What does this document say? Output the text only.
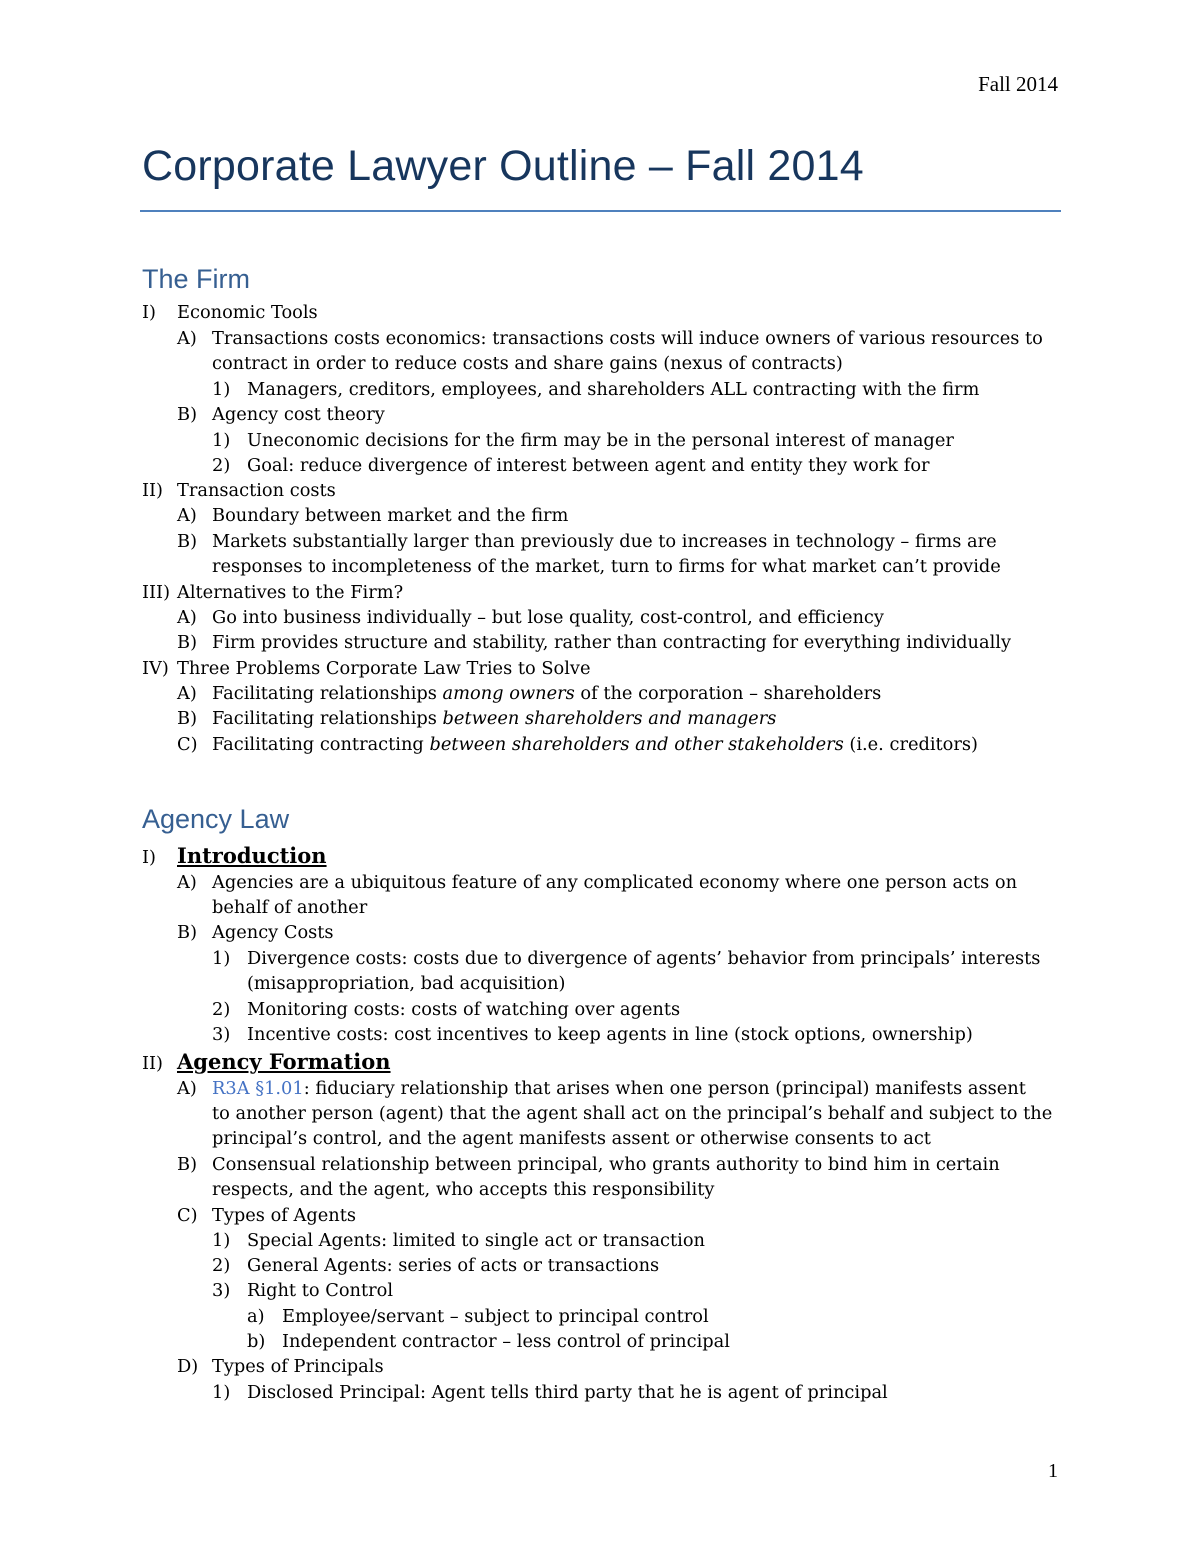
Fall 2014
Corporate Lawyer Outline – Fall 2014
The Firm
I) Economic Tools
A) Transactions costs economics: transactions costs will induce owners of various resources to
contract in order to reduce costs and share gains (nexus of contracts)
1) Managers, creditors, employees, and shareholders ALL contracting with the firm
B) Agency cost theory
1) Uneconomic decisions for the firm may be in the personal interest of manager
2) Goal: reduce divergence of interest between agent and entity they work for
II) Transaction costs
A) Boundary between market and the firm
B) Markets substantially larger than previously due to increases in technology – firms are
responses to incompleteness of the market, turn to firms for what market can’t provide
III) Alternatives to the Firm?
A) Go into business individually – but lose quality, cost-control, and efficiency
B) Firm provides structure and stability, rather than contracting for everything individually
IV) Three Problems Corporate Law Tries to Solve
A) Facilitating relationships among owners of the corporation – shareholders
B) Facilitating relationships between shareholders and managers
C) Facilitating contracting between shareholders and other stakeholders (i.e. creditors)
Agency Law
I) Introduction
A) Agencies are a ubiquitous feature of any complicated economy where one person acts on
behalf of another
B) Agency Costs
1) Divergence costs: costs due to divergence of agents’ behavior from principals’ interests
(misappropriation, bad acquisition)
2) Monitoring costs: costs of watching over agents
3) Incentive costs: cost incentives to keep agents in line (stock options, ownership)
II) Agency Formation
A) R3A §1.01: fiduciary relationship that arises when one person (principal) manifests assent
to another person (agent) that the agent shall act on the principal’s behalf and subject to the
principal’s control, and the agent manifests assent or otherwise consents to act
B) Consensual relationship between principal, who grants authority to bind him in certain
respects, and the agent, who accepts this responsibility
C) Types of Agents
1) Special Agents: limited to single act or transaction
2) General Agents: series of acts or transactions
3) Right to Control
a) Employee/servant – subject to principal control
b) Independent contractor – less control of principal
D) Types of Principals
1) Disclosed Principal: Agent tells third party that he is agent of principal
1
